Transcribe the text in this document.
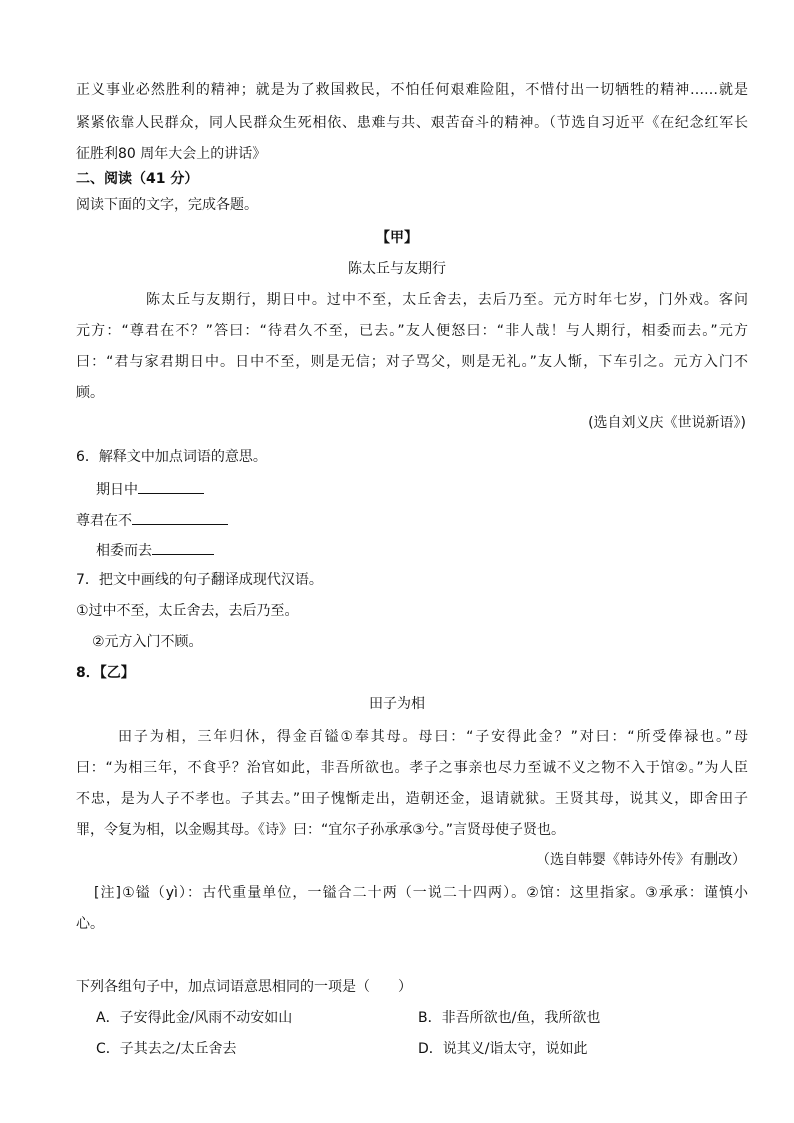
正义事业必然胜利的精神；就是为了救国救民，不怕任何艰难险阻，不惜付出一切牺牲的精神……就是
紧紧依靠人民群众，同人民群众生死相依、患难与共、艰苦奋斗的精神。（节选自习近平《在纪念红军长
征胜利80 周年大会上的讲话》
二、阅读（41 分）
阅读下面的文字，完成各题。
【甲】
陈太丘与友期行
陈太丘与友期行，期日中。过中不至，太丘舍去，去后乃至。元方时年七岁，门外戏。客问
元方：“尊君在不？”答曰：“待君久不至，已去。”友人便怒曰：“非人哉！与人期行，相委而去。”元方
曰：“君与家君期日中。日中不至，则是无信；对子骂父，则是无礼。”友人惭，下车引之。元方入门不
顾。
(选自刘义庆《世说新语》)
6．解释文中加点词语的意思。
期日中
尊君在不
相委而去
7．把文中画线的句子翻译成现代汉语。
①过中不至，太丘舍去，去后乃至。
②元方入门不顾。
8．【乙】
田子为相
田子为相，三年归休，得金百镒①奉其母。母曰：“子安得此金？”对曰：“所受俸禄也。”母
曰：“为相三年，不食乎？治官如此，非吾所欲也。孝子之事亲也尽力至诚不义之物不入于馆②。”为人臣
不忠，是为人子不孝也。子其去。”田子愧惭走出，造朝还金，退请就狱。王贤其母，说其义，即舍田子
罪，令复为相，以金赐其母。《诗》曰：“宜尔子孙承承③兮。”言贤母使子贤也。
（选自韩婴《韩诗外传》有删改）
[注]①镒（yì）：古代重量单位，一镒合二十两（一说二十四两）。②馆：这里指家。③承承：谨慎小
心。
下列各组句子中，加点词语意思相同的一项是（　　）
A．子安得此金/风雨不动安如山	B．非吾所欲也/鱼，我所欲也
C．子其去之/太丘舍去	D．说其义/诣太守，说如此
